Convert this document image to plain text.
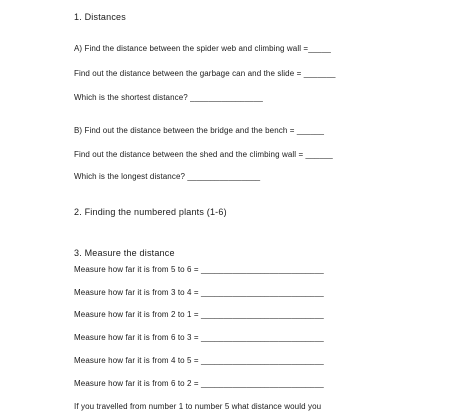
1. Distances
A) Find the distance between the spider web and climbing wall =_____
Find out the distance between the garbage can and the slide = _______
Which is the shortest distance? ________________
B) Find out the distance between the bridge and the bench = ______
Find out the distance between the shed and the climbing wall = ______
Which is the longest distance? ________________
2. Finding the numbered plants (1-6)
3. Measure the distance
Measure how far it is from 5 to 6 = ___________________________
Measure how far it is from 3 to 4 = ___________________________
Measure how far it is from 2 to 1 = ___________________________
Measure how far it is from 6 to 3 = ___________________________
Measure how far it is from 4 to 5 = ___________________________
Measure how far it is from 6 to 2 = ___________________________
If you travelled from number 1 to number 5 what distance would you
